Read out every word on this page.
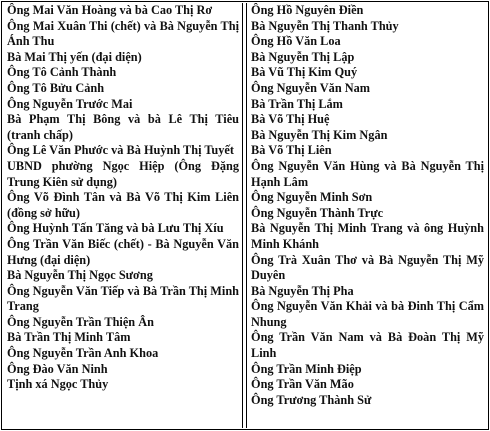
Ông Mai Văn Hoàng và bà Cao Thị Rơ
Ông Mai Xuân Thi (chết) và Bà Nguyễn Thị Ánh Thu
Bà Mai Thị yến (đại diện)
Ông Tô Cảnh Thành
Ông Tô Bửu Cảnh
Ông Nguyễn Trước Mai
Bà Phạm Thị Bông và bà Lê Thị Tiêu (tranh chấp)
Ông Lê Văn Phước và Bà Huỳnh Thị Tuyết
UBND phường Ngọc Hiệp (Ông Đặng Trung Kiên sử dụng)
Ông Võ Đình Tân và Bà Võ Thị Kim Liên (đồng sở hữu)
Ông Huỳnh Tấn Tăng và bà Lưu Thị Xíu
Ông Trần Văn Biếc (chết) - Bà Nguyễn Văn Hưng (đại diện)
Bà Nguyễn Thị Ngọc Sương
Ông Nguyễn Văn Tiếp và Bà Trần Thị Minh Trang
Ông Nguyễn Trần Thiện Ân
Bà Trần Thị Minh Tâm
Ông Nguyễn Trần Anh Khoa
Ông Đào Văn Ninh
Tịnh xá Ngọc Thủy
Ông Hồ Nguyên Điền
Bà Nguyễn Thị Thanh Thủy
Ông Hồ Văn Loa
Bà Nguyễn Thị Lập
Bà Vũ Thị Kim Quý
Ông Nguyễn Văn Nam
Bà Trần Thị Lắm
Bà Võ Thị Huệ
Bà Nguyễn Thị Kim Ngân
Bà Võ Thị Liên
Ông Nguyễn Văn Hùng và Bà Nguyễn Thị Hạnh Lâm
Ông Nguyễn Minh Sơn
Ông Nguyễn Thành Trực
Bà Nguyễn Thị Minh Trang và ông Huỳnh Minh Khánh
Ông Trà Xuân Thơ và Bà Nguyễn Thị Mỹ Duyên
Bà Nguyễn Thị Pha
Ông Nguyễn Văn Khải và bà Đinh Thị Cẩm Nhung
Ông Trần Văn Nam và Bà Đoàn Thị Mỹ Linh
Ông Trần Minh Điệp
Ông Trần Văn Mão
Ông Trương Thành Sử
